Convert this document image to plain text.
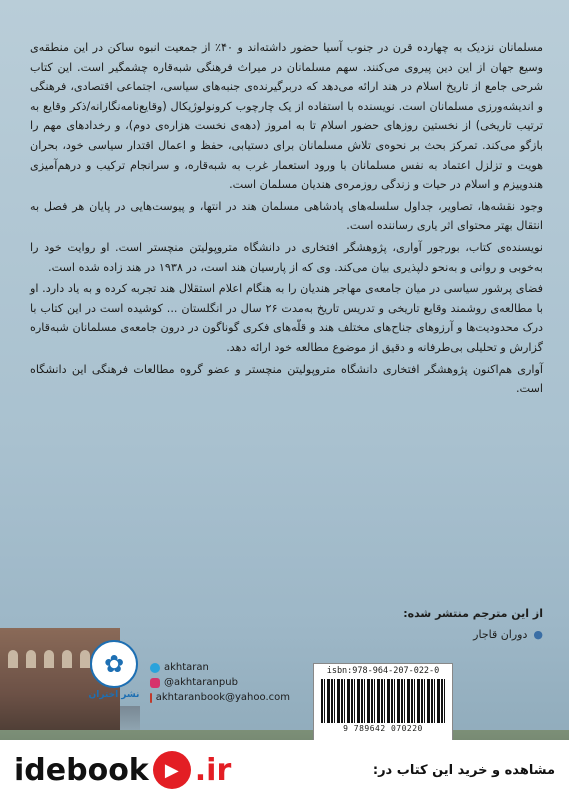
مسلمانان نزدیک به چهارده قرن در جنوب آسیا حضور داشته‌اند و ۴۰٪ از جمعیت انبوه ساکن در این منطقه‌ی وسیع جهان از این دین پیروی می‌کنند. سهم مسلمانان در میراث فرهنگی شبه‌قاره چشمگیر است. این کتاب شرحی جامع از تاریخ اسلام در هند ارائه می‌دهد که دربرگیرنده‌ی جنبه‌های سیاسی، اجتماعی اقتصادی، فرهنگی و اندیشه‌ورزی مسلمانان است. نویسنده با استفاده از یک چارچوب کرونولوژیکال (وقایع‌نامه‌نگارانه/ذکر وقایع به ترتیب تاریخی) از نخستین روزهای حضور اسلام تا به امروز (دهه‌ی نخست هزاره‌ی دوم)، و رخدادهای مهم را بازگو می‌کند. تمرکز بحث بر نحوه‌ی تلاش مسلمانان برای دستیابی، حفظ و اعمال اقتدار سیاسی خود، بحران هویت و تزلزل اعتماد به نفس مسلمانان با ورود استعمار غرب به شبه‌قاره، و سرانجام ترکیب و درهم‌آمیزی هندوییزم و اسلام در حیات و زندگی روزمره‌ی هندیان مسلمان است.

وجود نقشه‌ها، تصاویر، جداول سلسله‌های پادشاهی مسلمان هند در انتها، و پیوست‌هایی در پایان هر فصل به انتقال بهتر محتوای اثر یاری رساننده است.

نویسنده‌ی کتاب، بورجور آواری، پژوهشگر افتخاری در دانشگاه متروپولیتن منچستر است. او روایت خود را به‌خوبی و روانی و به‌نحو دلپذیری بیان می‌کند. وی که از پارسیان هند است، در ۱۹۳۸ در هند زاده شده است.

فضای پرشور سیاسی در میان جامعه‌ی مهاجر هندیان را به هنگام اعلام استقلال هند تجربه کرده و به یاد دارد. او با مطالعه‌ی روشمند وقایع تاریخی و تدریس تاریخ به‌مدت ۲۶ سال در انگلستان ... کوشیده است در این کتاب با درک محدودیت‌ها و آرزوهای جناح‌های مختلف هند و قلّه‌های فکری گوناگون در درون جامعه‌ی مسلمانان شبه‌قاره گزارش و تحلیلی بی‌طرفانه و دقیق از موضوع مطالعه خود ارائه دهد.

آواری هم‌اکنون پژوهشگر افتخاری دانشگاه متروپولیتن منچستر و عضو گروه مطالعات فرهنگی این دانشگاه است.

از این مترجم منتشر شده:
●دوران قاجار
✿
نشر اختران
akhtaran
@akhtaranpub
akhtaranbook@yahoo.com
isbn:978-964-207-022-0
9 789642 070220
idebook ▶ .ir	مشاهده و خرید این کتاب در:
